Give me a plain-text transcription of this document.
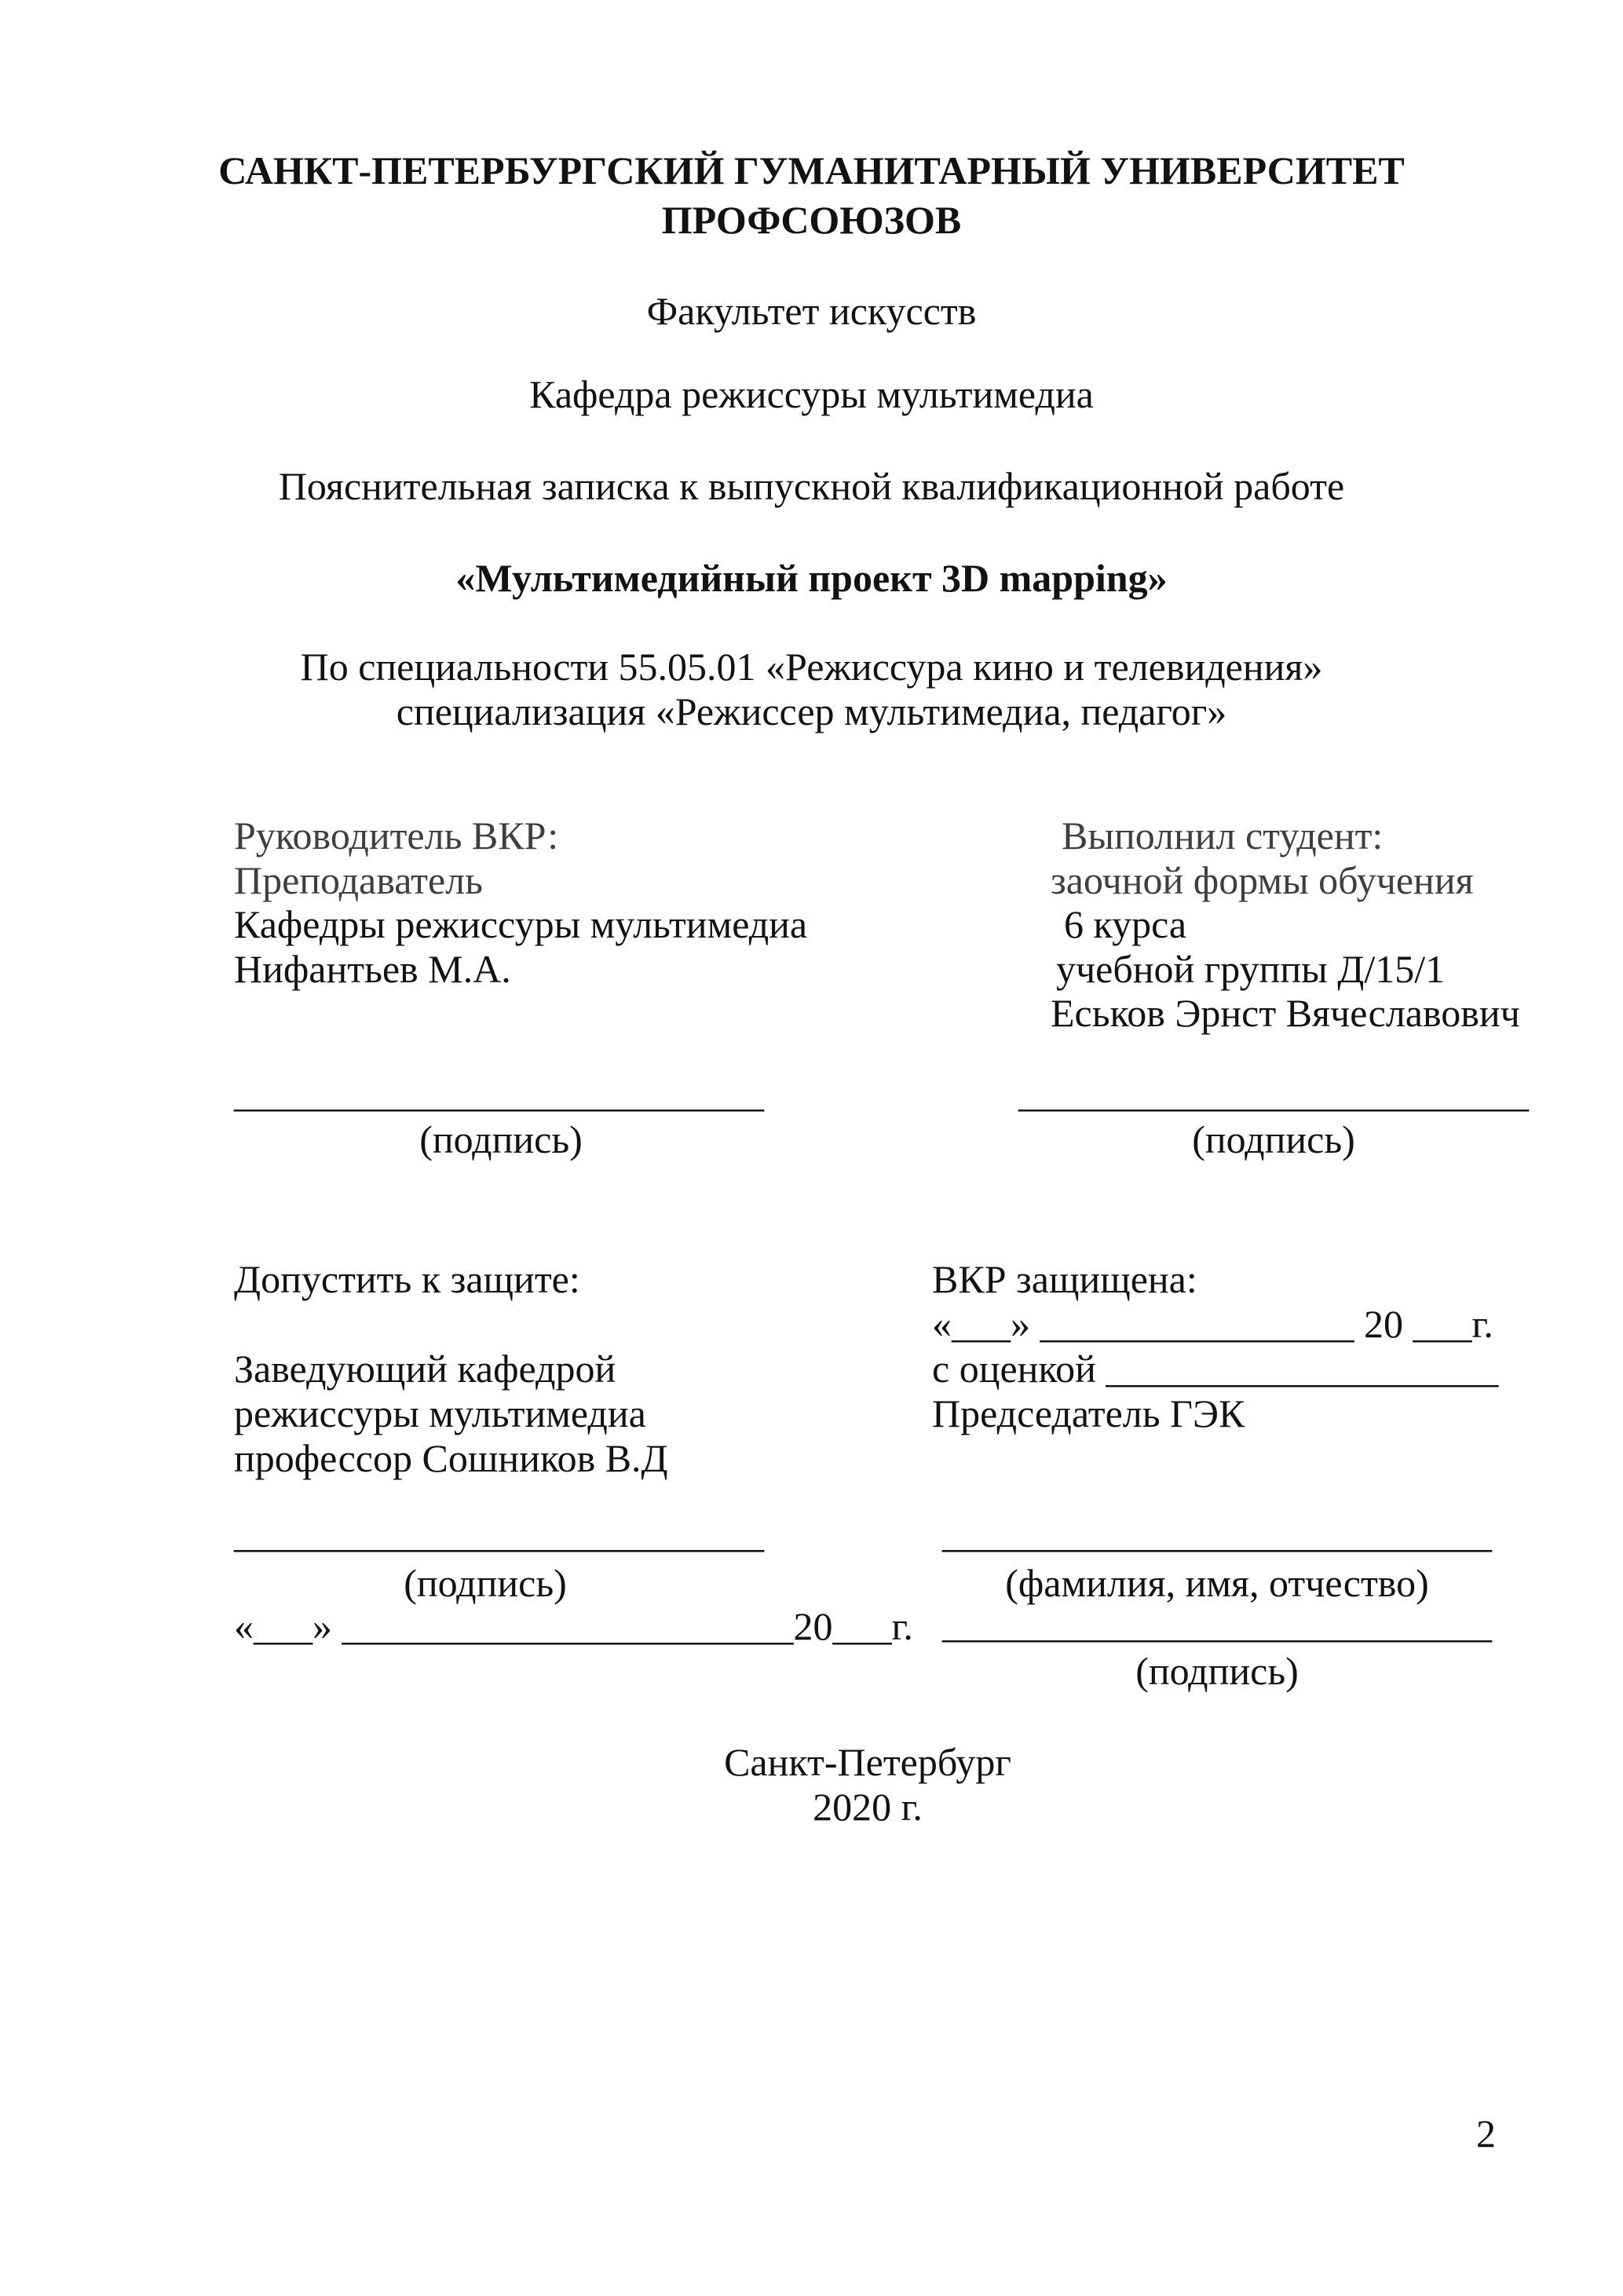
САНКТ-ПЕТЕРБУРГСКИЙ ГУМАНИТАРНЫЙ УНИВЕРСИТЕТ
ПРОФСОЮЗОВ
Факультет искусств
Кафедра режиссуры мультимедиа
Пояснительная записка к выпускной квалификационной работе
«Мультимедийный проект 3D mapping»
По специальности 55.05.01 «Режиссура кино и телевидения»
специализация «Режиссер мультимедиа, педагог»
Руководитель ВКР:
Преподаватель
Кафедры режиссуры мультимедиа
Нифантьев М.А.
Выполнил студент:
заочной формы обучения
6 курса
учебной группы Д/15/1
Еськов Эрнст Вячеславович
___________________________
(подпись)
__________________________
(подпись)
Допустить к защите:
Заведующий кафедрой
режиссуры мультимедиа
профессор Сошников В.Д
ВКР защищена:
«___» ________________ 20 ___г.
с оценкой ____________________
Председатель ГЭК
___________________________
(подпись)
«___» _______________________20___г.
____________________________
(фамилия, имя, отчество)
____________________________
(подпись)
Санкт-Петербург
2020 г.
2
